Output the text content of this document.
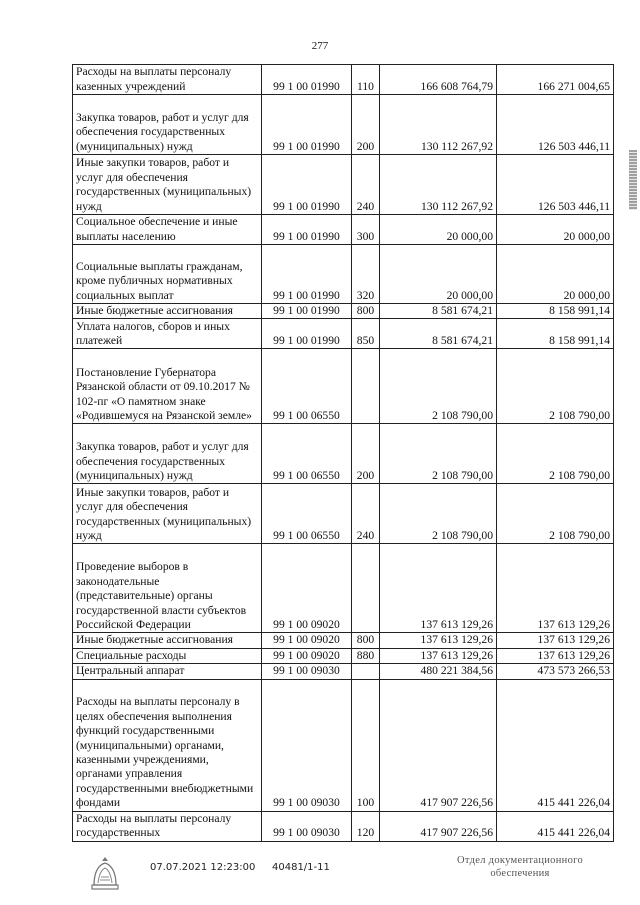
277
Расходы на выплаты персоналу казенных учреждений	99 1 00 01990	110	166 608 764,79	166 271 004,65
Закупка товаров, работ и услуг для обеспечения государственных (муниципальных) нужд	99 1 00 01990	200	130 112 267,92	126 503 446,11
Иные закупки товаров, работ и услуг для обеспечения государственных (муниципальных) нужд	99 1 00 01990	240	130 112 267,92	126 503 446,11
Социальное обеспечение и иные выплаты населению	99 1 00 01990	300	20 000,00	20 000,00
Социальные выплаты гражданам, кроме публичных нормативных социальных выплат	99 1 00 01990	320	20 000,00	20 000,00
Иные бюджетные ассигнования	99 1 00 01990	800	8 581 674,21	8 158 991,14
Уплата налогов, сборов и иных платежей	99 1 00 01990	850	8 581 674,21	8 158 991,14
Постановление Губернатора Рязанской области от 09.10.2017 № 102-пг «О памятном знаке «Родившемуся на Рязанской земле»	99 1 00 06550		2 108 790,00	2 108 790,00
Закупка товаров, работ и услуг для обеспечения государственных (муниципальных) нужд	99 1 00 06550	200	2 108 790,00	2 108 790,00
Иные закупки товаров, работ и услуг для обеспечения государственных (муниципальных) нужд	99 1 00 06550	240	2 108 790,00	2 108 790,00
Проведение выборов в законодательные (представительные) органы государственной власти субъектов Российской Федерации	99 1 00 09020		137 613 129,26	137 613 129,26
Иные бюджетные ассигнования	99 1 00 09020	800	137 613 129,26	137 613 129,26
Специальные расходы	99 1 00 09020	880	137 613 129,26	137 613 129,26
Центральный аппарат	99 1 00 09030		480 221 384,56	473 573 266,53
Расходы на выплаты персоналу в целях обеспечения выполнения функций государственными (муниципальными) органами, казенными учреждениями, органами управления государственными внебюджетными фондами	99 1 00 09030	100	417 907 226,56	415 441 226,04
Расходы на выплаты персоналу государственных	99 1 00 09030	120	417 907 226,56	415 441 226,04
07.07.2021 12:23:00 40481/1-11
Отдел документационного
обеспечения
